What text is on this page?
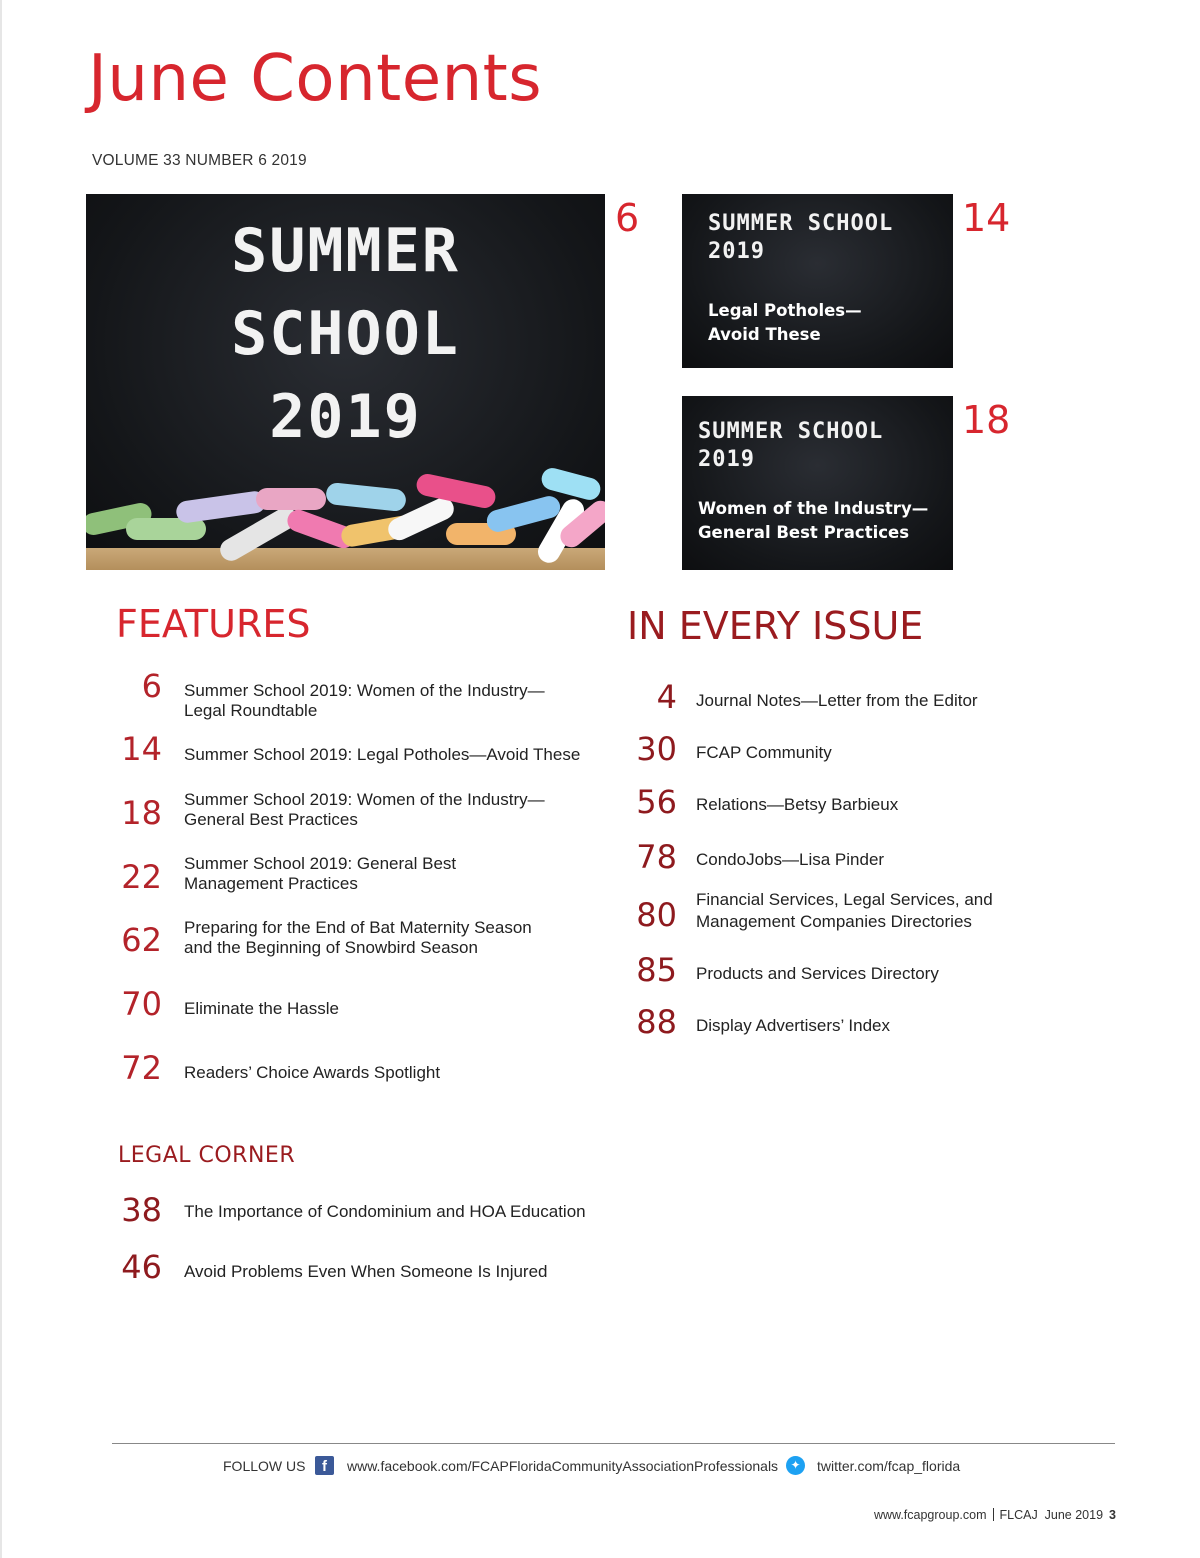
June Contents
VOLUME 33 NUMBER 6 2019
SUMMER
SCHOOL
2019
6	SUMMER SCHOOL
2019
Legal Potholes—
Avoid These
14
SUMMER SCHOOL
2019
Women of the Industry—
General Best Practices
18
FEATURES
6 Summer School 2019: Women of the Industry—
Legal Roundtable
14 Summer School 2019: Legal Potholes—Avoid These
18 Summer School 2019: Women of the Industry—
General Best Practices
22 Summer School 2019: General Best
Management Practices
62 Preparing for the End of Bat Maternity Season
and the Beginning of Snowbird Season
70 Eliminate the Hassle
72 Readers’ Choice Awards Spotlight
LEGAL CORNER
38 The Importance of Condominium and HOA Education
46 Avoid Problems Even When Someone Is Injured
IN EVERY ISSUE
4 Journal Notes—Letter from the Editor
30 FCAP Community
56 Relations—Betsy Barbieux
78 CondoJobs—Lisa Pinder
80 Financial Services, Legal Services, and
Management Companies Directories
85 Products and Services Directory
88 Display Advertisers’ Index
FOLLOW US	f	www.facebook.com/FCAPFloridaCommunityAssociationProfessionals	✦	twitter.com/fcap_florida
www.fcapgroup.com FLCAJ June 2019 3
